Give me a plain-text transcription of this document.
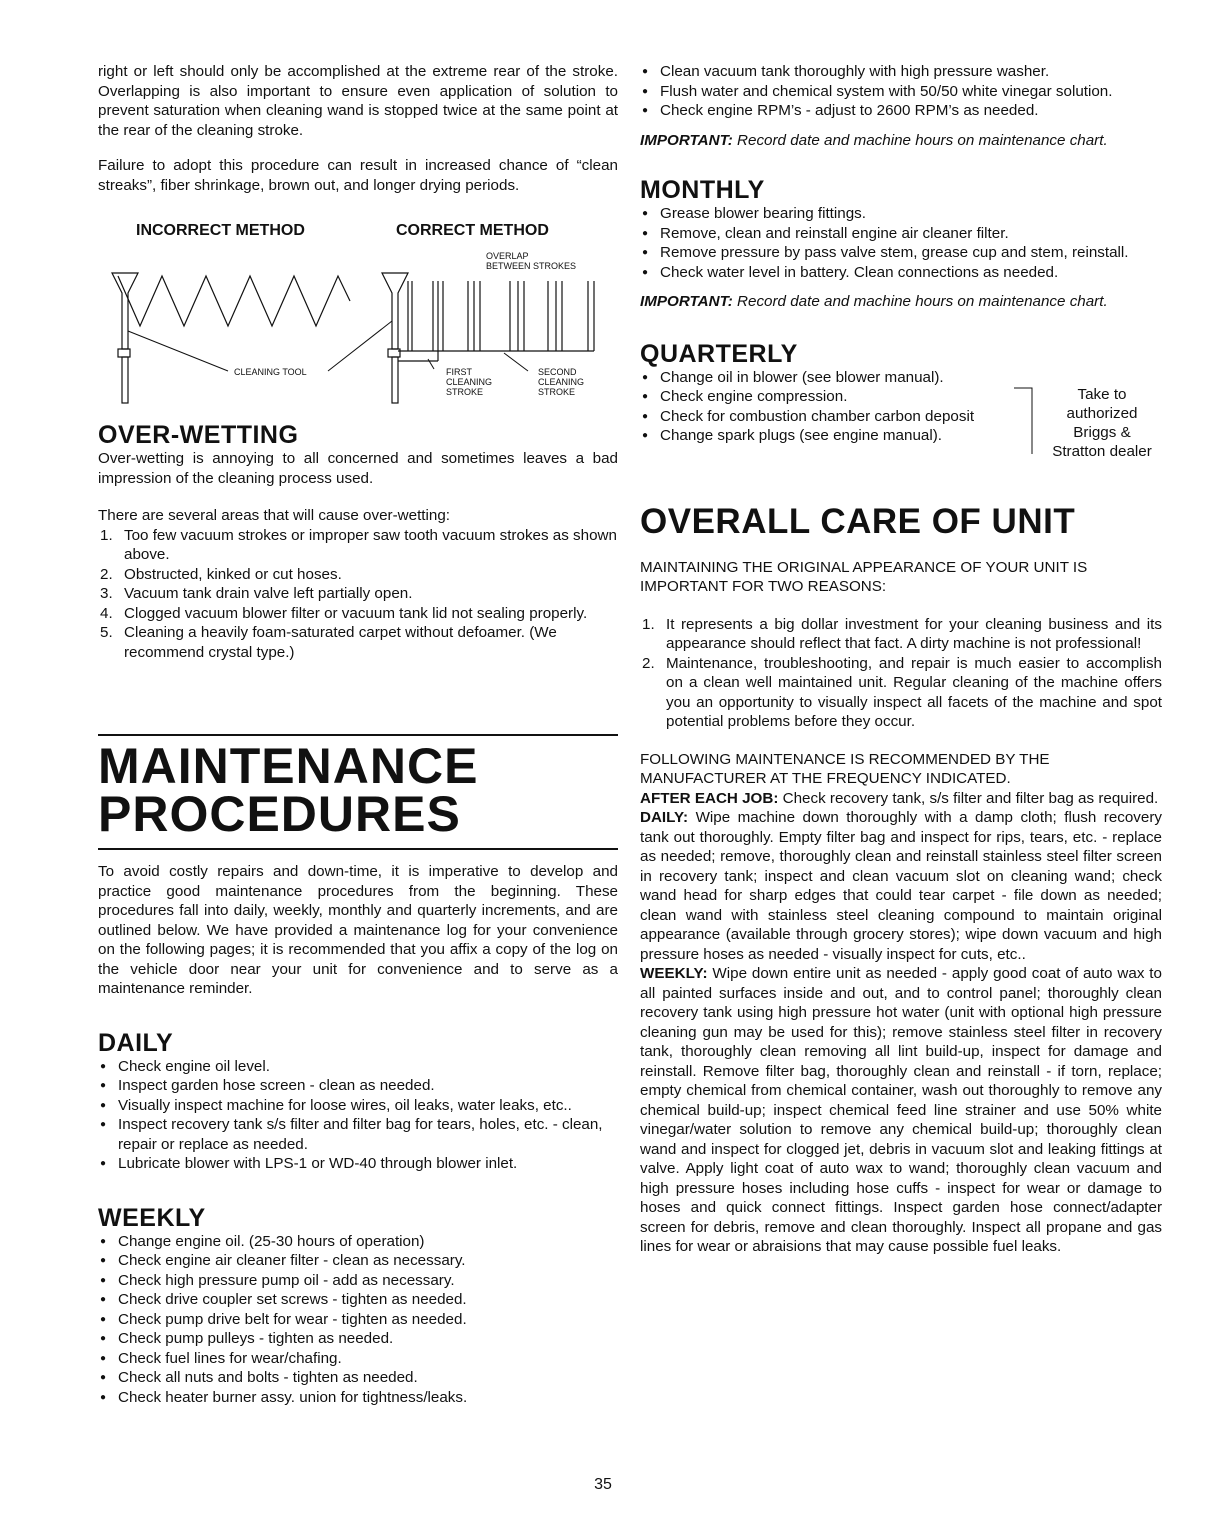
right or left should only be accomplished at the extreme rear of the stroke. Overlapping is also important to ensure even application of solution to prevent saturation when cleaning wand is stopped twice at the same point at the rear of the cleaning stroke.

Failure to adopt this procedure can result in increased chance of “clean streaks”, fiber shrinkage, brown out, and longer drying periods.

INCORRECT METHOD	CORRECT METHOD
OVERLAP
BETWEEN STROKES
CLEANING TOOL	FIRST
CLEANING
STROKE
SECOND
CLEANING
STROKE
OVER-WETTING

Over-wetting is annoying to all concerned and sometimes leaves a bad impression of the cleaning process used.

There are several areas that will cause over-wetting:

1. Too few vacuum strokes or improper saw tooth vacuum strokes as shown above.
2. Obstructed, kinked or cut hoses.
3. Vacuum tank drain valve left partially open.
4. Clogged vacuum blower filter or vacuum tank lid not sealing properly.
5. Cleaning a heavily foam-saturated carpet without defoamer. (We recommend crystal type.)
MAINTENANCE
PROCEDURES

To avoid costly repairs and down-time, it is imperative to develop and practice good maintenance procedures from the beginning. These procedures fall into daily, weekly, monthly and quarterly increments, and are outlined below. We have provided a maintenance log for your convenience on the following pages; it is recommended that you affix a copy of the log on the vehicle door near your unit for convenience and to serve as a maintenance reminder.

DAILY
● Check engine oil level.
● Inspect garden hose screen - clean as needed.
● Visually inspect machine for loose wires, oil leaks, water leaks, etc..
● Inspect recovery tank s/s filter and filter bag for tears, holes, etc. - clean, repair or replace as needed.
● Lubricate blower with LPS-1 or WD-40 through blower inlet.
WEEKLY
● Change engine oil. (25-30 hours of operation)
● Check engine air cleaner filter - clean as necessary.
● Check high pressure pump oil - add as necessary.
● Check drive coupler set screws - tighten as needed.
● Check pump drive belt for wear - tighten as needed.
● Check pump pulleys - tighten as needed.
● Check fuel lines for wear/chafing.
● Check all nuts and bolts - tighten as needed.
● Check heater burner assy. union for tightness/leaks.
● Clean vacuum tank thoroughly with high pressure washer.
● Flush water and chemical system with 50/50 white vinegar solution.
● Check engine RPM’s - adjust to 2600 RPM’s as needed.

IMPORTANT: Record date and machine hours on maintenance chart.

MONTHLY
● Grease blower bearing fittings.
● Remove, clean and reinstall engine air cleaner filter.
● Remove pressure by pass valve stem, grease cup and stem, reinstall.
● Check water level in battery. Clean connections as needed.

IMPORTANT: Record date and machine hours on maintenance chart.

QUARTERLY
● Change oil in blower (see blower manual).
● Check engine compression.
● Check for combustion chamber carbon deposit
● Change spark plugs (see engine manual).
Take to
authorized
Briggs &
Stratton dealer
OVERALL CARE OF UNIT

MAINTAINING THE ORIGINAL APPEARANCE OF YOUR UNIT IS IMPORTANT FOR TWO REASONS:

1. It represents a big dollar investment for your cleaning business and its appearance should reflect that fact. A dirty machine is not professional!
2. Maintenance, troubleshooting, and repair is much easier to accomplish on a clean well maintained unit. Regular cleaning of the machine offers you an opportunity to visually inspect all facets of the machine and spot potential problems before they occur.

FOLLOWING MAINTENANCE IS RECOMMENDED BY THE MANUFACTURER AT THE FREQUENCY INDICATED.

AFTER EACH JOB: Check recovery tank, s/s filter and filter bag as required.

DAILY: Wipe machine down thoroughly with a damp cloth; flush recovery tank out thoroughly. Empty filter bag and inspect for rips, tears, etc. - replace as needed; remove, thoroughly clean and reinstall stainless steel filter screen in recovery tank; inspect and clean vacuum slot on cleaning wand; check wand head for sharp edges that could tear carpet - file down as needed; clean wand with stainless steel cleaning compound to maintain original appearance (available through grocery stores); wipe down vacuum and high pressure hoses as needed - visually inspect for cuts, etc..

WEEKLY: Wipe down entire unit as needed - apply good coat of auto wax to all painted surfaces inside and out, and to control panel; thoroughly clean recovery tank using high pressure hot water (unit with optional high pressure cleaning gun may be used for this); remove stainless steel filter in recovery tank, thoroughly clean removing all lint build-up, inspect for damage and reinstall. Remove filter bag, thoroughly clean and reinstall - if torn, replace; empty chemical from chemical container, wash out thoroughly to remove any chemical build-up; inspect chemical feed line strainer and use 50% white vinegar/water solution to remove any chemical build-up; thoroughly clean wand and inspect for clogged jet, debris in vacuum slot and leaking fittings at valve. Apply light coat of auto wax to wand; thoroughly clean vacuum and high pressure hoses including hose cuffs - inspect for wear or damage to hoses and quick connect fittings. Inspect garden hose connect/adapter screen for debris, remove and clean thoroughly. Inspect all propane and gas lines for wear or abraisions that may cause possible fuel leaks.

35
